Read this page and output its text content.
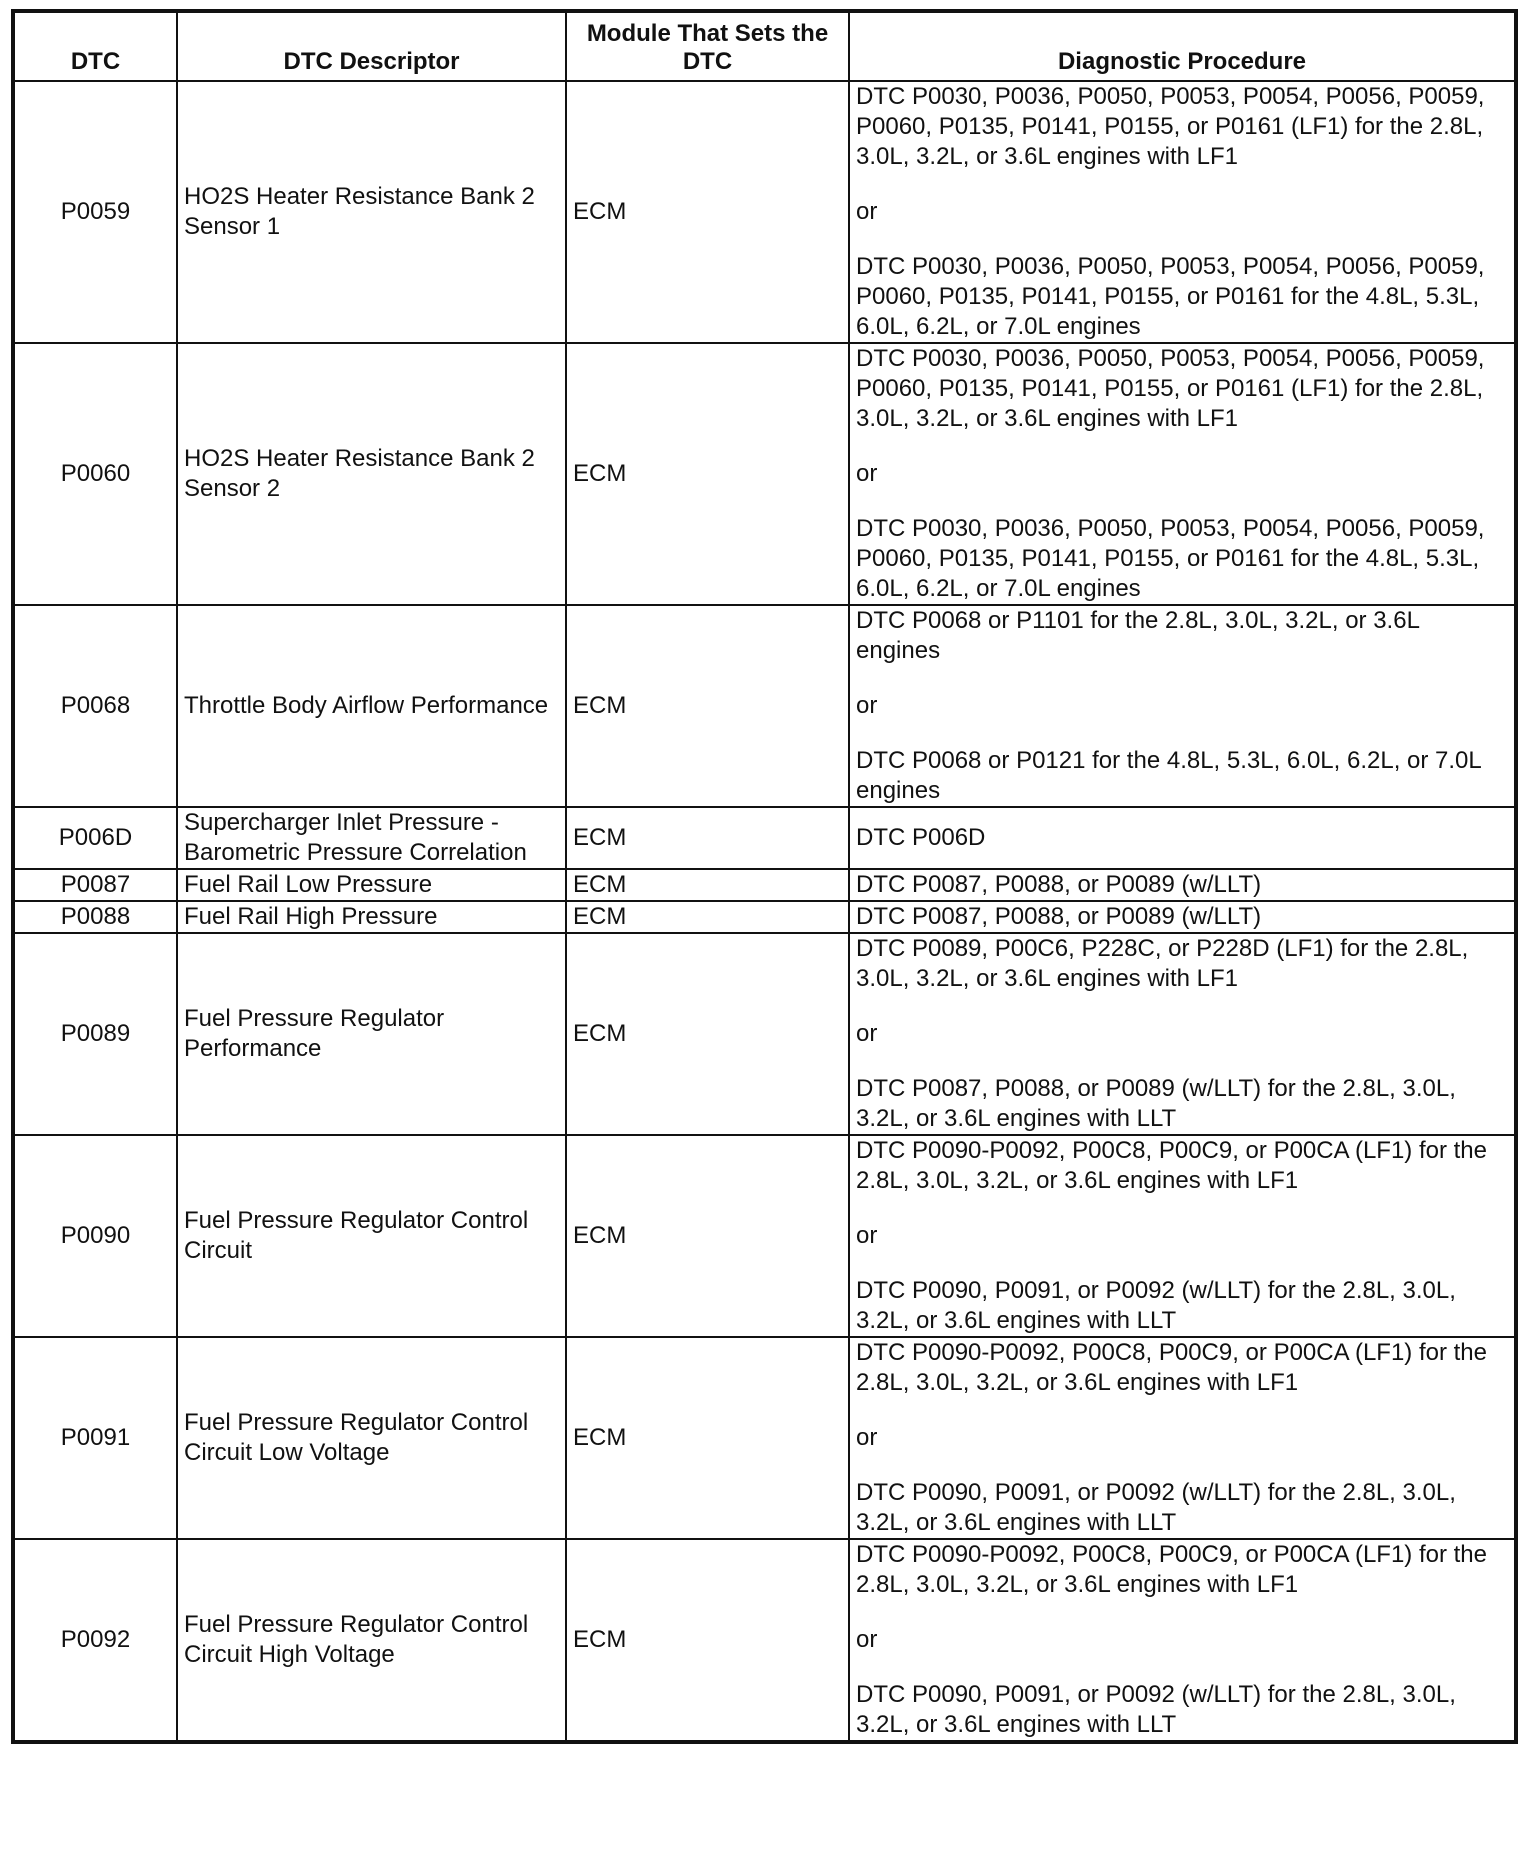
DTC	DTC Descriptor	Module That Sets the DTC	Diagnostic Procedure
P0059	HO2S Heater Resistance Bank 2 Sensor 1	ECM	DTC P0030, P0036, P0050, P0053, P0054, P0056, P0059, P0060, P0135, P0141, P0155, or P0161 (LF1) for the 2.8L, 3.0L, 3.2L, or 3.6L engines with LF1

or

DTC P0030, P0036, P0050, P0053, P0054, P0056, P0059, P0060, P0135, P0141, P0155, or P0161 for the 4.8L, 5.3L, 6.0L, 6.2L, or 7.0L engines

P0060	HO2S Heater Resistance Bank 2 Sensor 2	ECM	DTC P0030, P0036, P0050, P0053, P0054, P0056, P0059, P0060, P0135, P0141, P0155, or P0161 (LF1) for the 2.8L, 3.0L, 3.2L, or 3.6L engines with LF1

or

DTC P0030, P0036, P0050, P0053, P0054, P0056, P0059, P0060, P0135, P0141, P0155, or P0161 for the 4.8L, 5.3L, 6.0L, 6.2L, or 7.0L engines

P0068	Throttle Body Airflow Performance	ECM	DTC P0068 or P1101 for the 2.8L, 3.0L, 3.2L, or 3.6L engines

or

DTC P0068 or P0121 for the 4.8L, 5.3L, 6.0L, 6.2L, or 7.0L engines

P006D	Supercharger Inlet Pressure - Barometric Pressure Correlation	ECM	DTC P006D

P0087	Fuel Rail Low Pressure	ECM	DTC P0087, P0088, or P0089 (w/LLT)

P0088	Fuel Rail High Pressure	ECM	DTC P0087, P0088, or P0089 (w/LLT)

P0089	Fuel Pressure Regulator Performance	ECM	DTC P0089, P00C6, P228C, or P228D (LF1) for the 2.8L, 3.0L, 3.2L, or 3.6L engines with LF1

or

DTC P0087, P0088, or P0089 (w/LLT) for the 2.8L, 3.0L, 3.2L, or 3.6L engines with LLT

P0090	Fuel Pressure Regulator Control Circuit	ECM	DTC P0090-P0092, P00C8, P00C9, or P00CA (LF1) for the 2.8L, 3.0L, 3.2L, or 3.6L engines with LF1

or

DTC P0090, P0091, or P0092 (w/LLT) for the 2.8L, 3.0L, 3.2L, or 3.6L engines with LLT

P0091	Fuel Pressure Regulator Control Circuit Low Voltage	ECM	DTC P0090-P0092, P00C8, P00C9, or P00CA (LF1) for the 2.8L, 3.0L, 3.2L, or 3.6L engines with LF1

or

DTC P0090, P0091, or P0092 (w/LLT) for the 2.8L, 3.0L, 3.2L, or 3.6L engines with LLT

P0092	Fuel Pressure Regulator Control Circuit High Voltage	ECM	DTC P0090-P0092, P00C8, P00C9, or P00CA (LF1) for the 2.8L, 3.0L, 3.2L, or 3.6L engines with LF1

or

DTC P0090, P0091, or P0092 (w/LLT) for the 2.8L, 3.0L, 3.2L, or 3.6L engines with LLT
